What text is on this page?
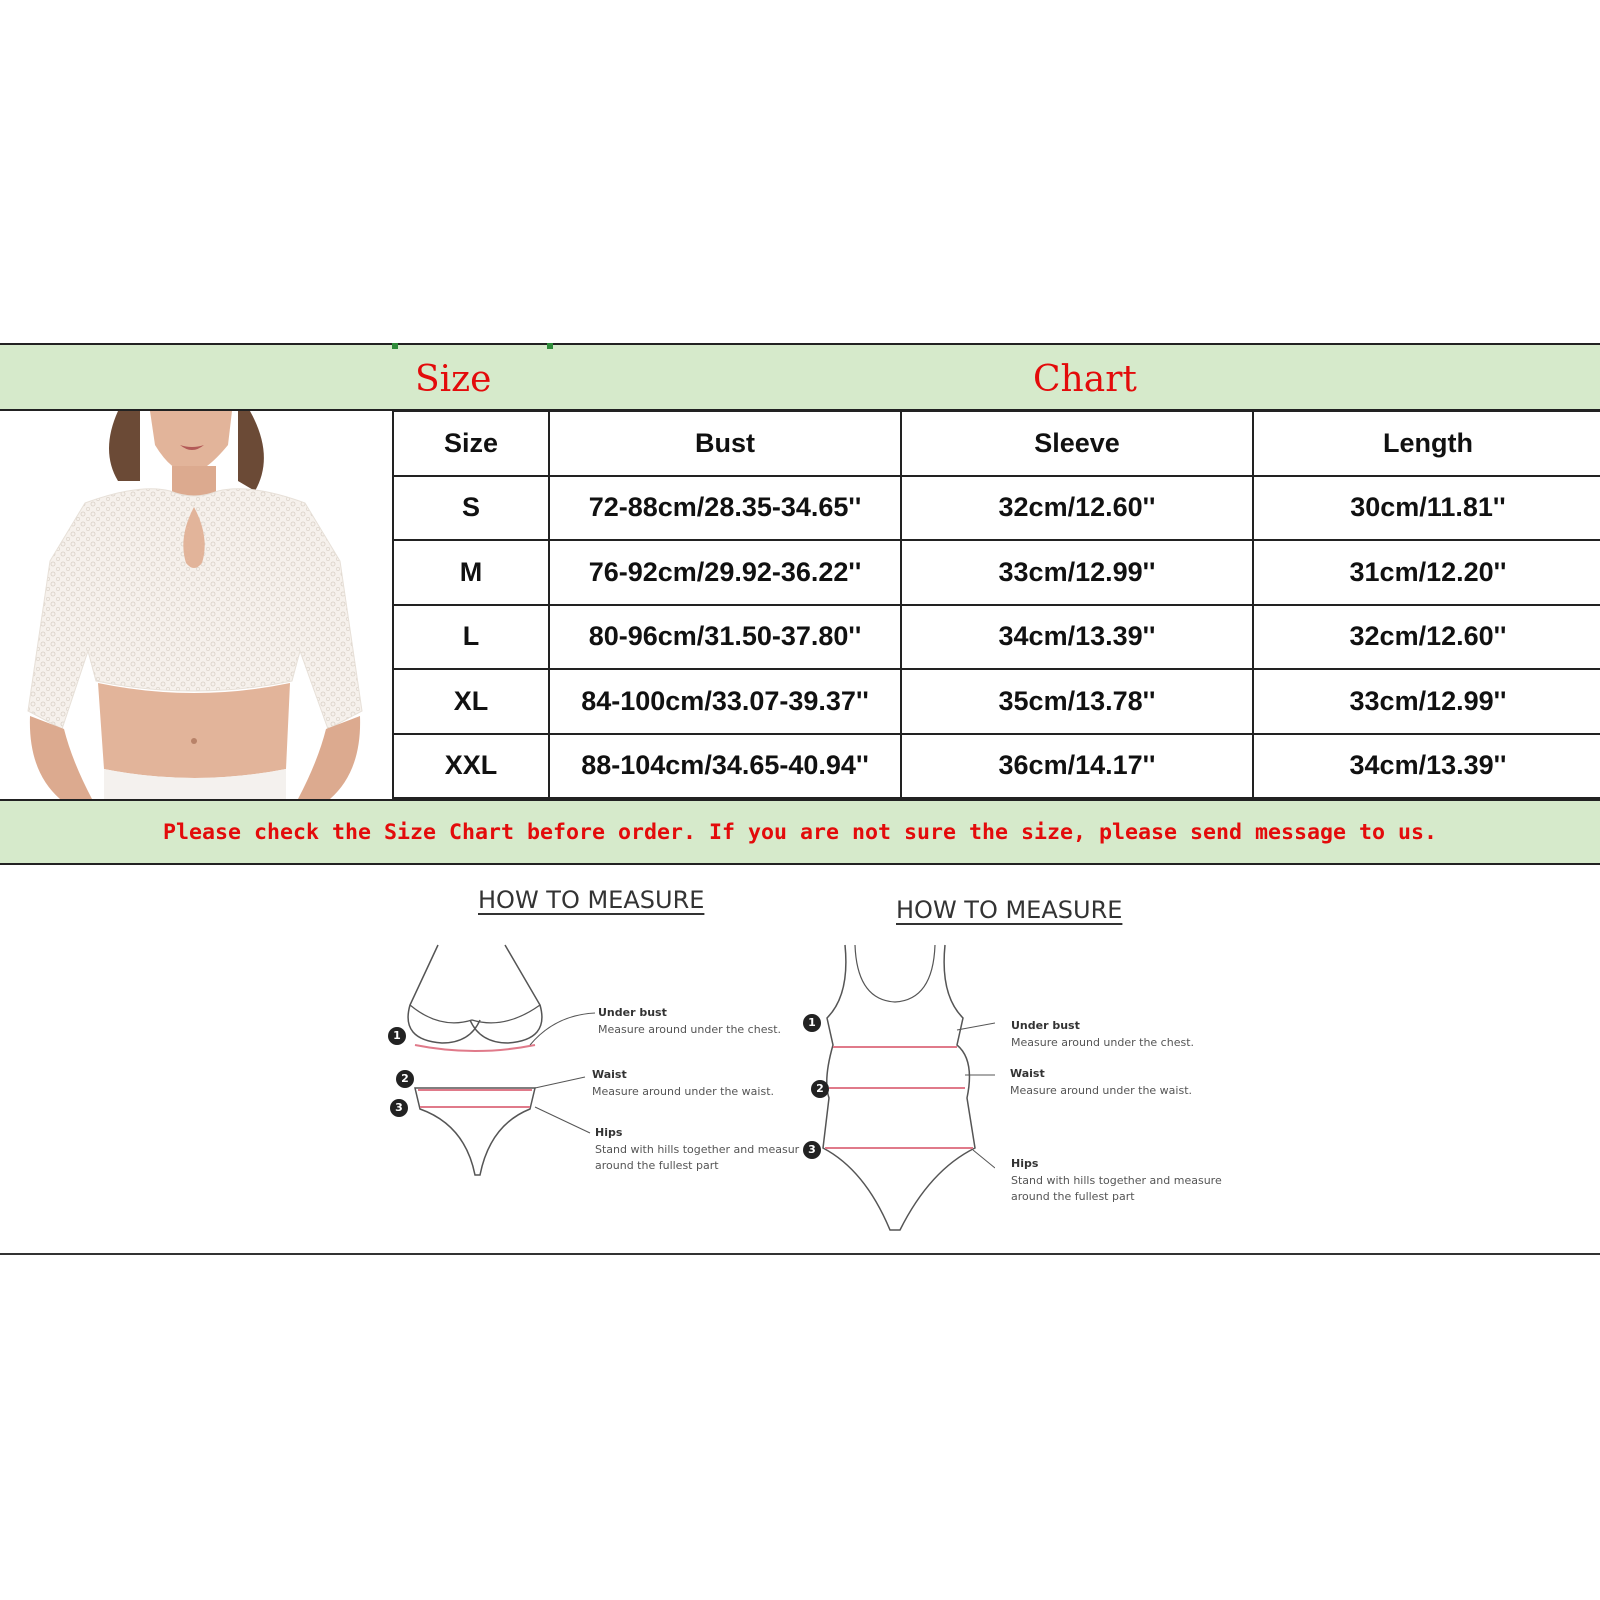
Size	Chart
Size	Bust	Sleeve	Length
S	72-88cm/28.35-34.65''	32cm/12.60''	30cm/11.81''
M	76-92cm/29.92-36.22''	33cm/12.99''	31cm/12.20''
L	80-96cm/31.50-37.80''	34cm/13.39''	32cm/12.60''
XL	84-100cm/33.07-39.37''	35cm/13.78''	33cm/12.99''
XXL	88-104cm/34.65-40.94''	36cm/14.17''	34cm/13.39''
Please check the Size Chart before order. If you are not sure the size, please send message to us.
HOW TO MEASURE
1
2
3
Under bust
Measure around under the chest.
Waist
Measure around under the waist.
Hips
Stand with hills together and measur
around the fullest part
HOW TO MEASURE
1
2
3
Under bust
Measure around under the chest.
Waist
Measure around under the waist.
Hips
Stand with hills together and measure
around the fullest part
